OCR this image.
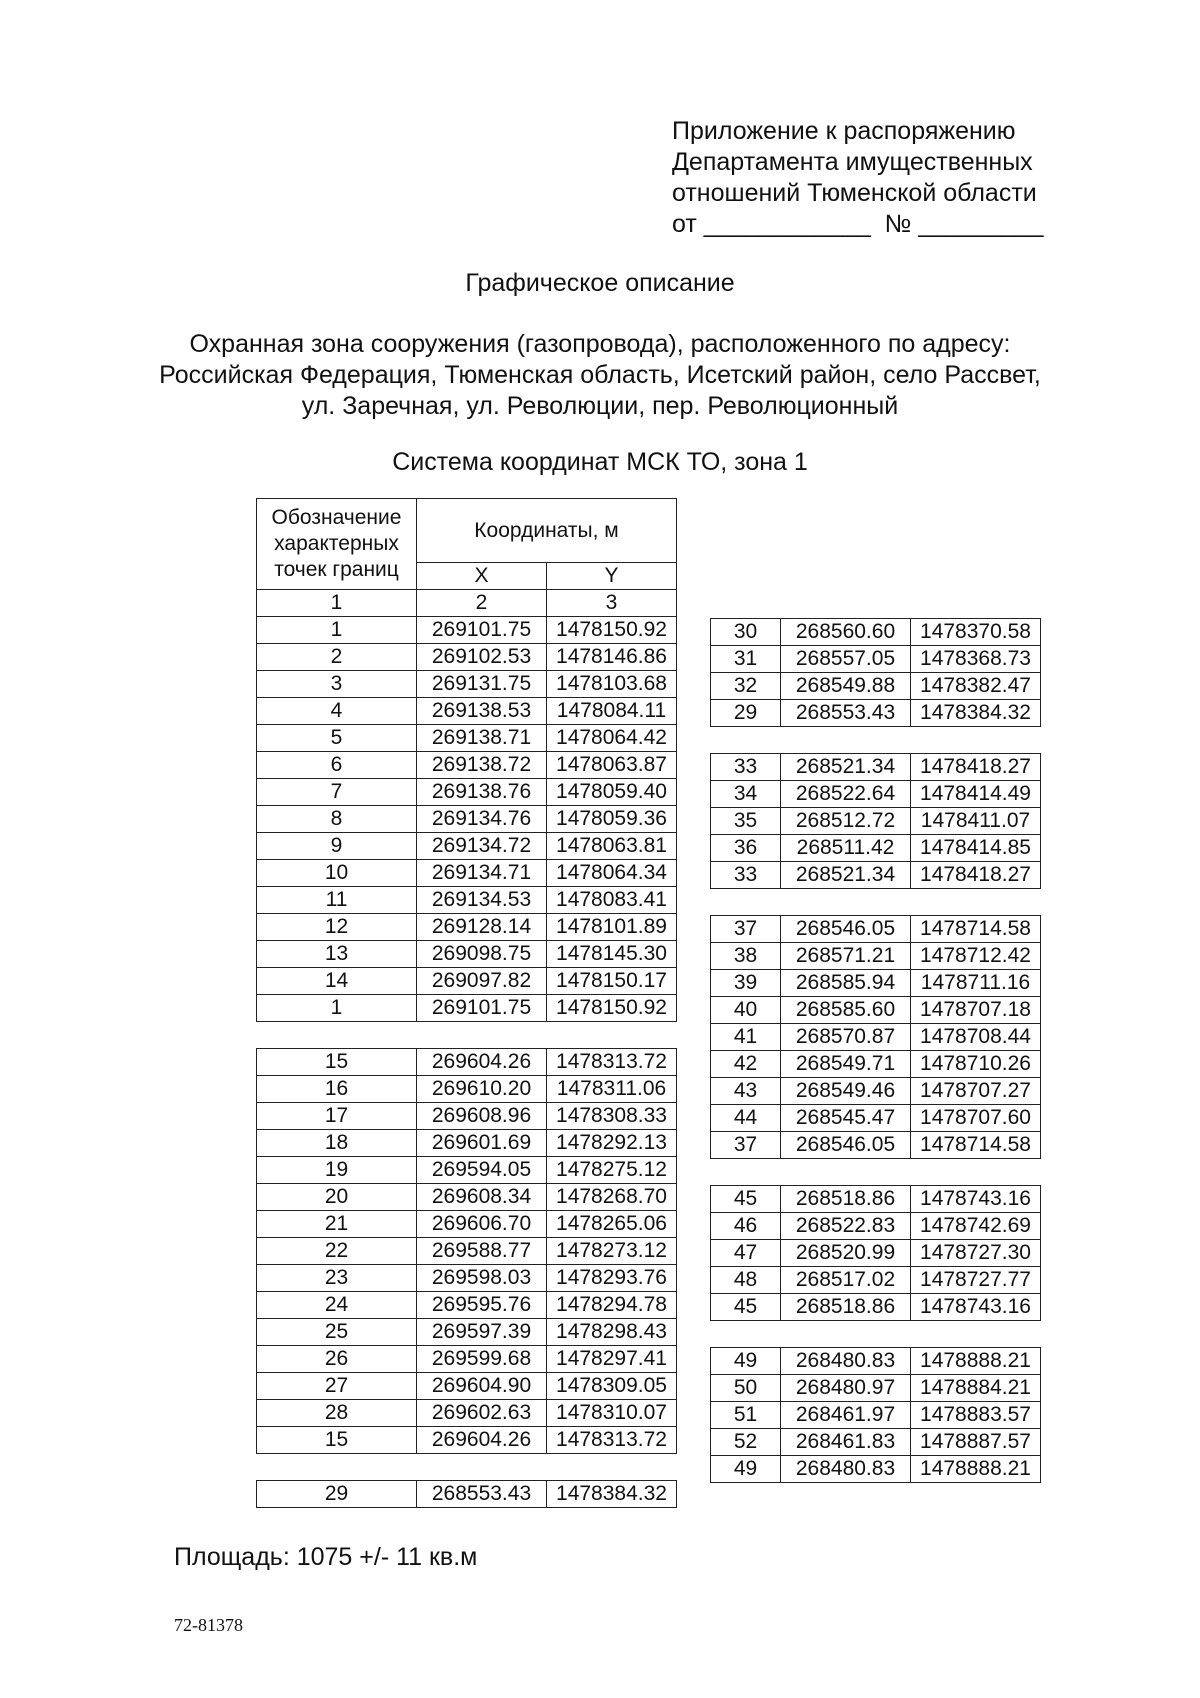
Приложение к распоряжению
Департамента имущественных
отношений Тюменской области
от ____________  № _________
Графическое описание
Охранная зона сооружения (газопровода), расположенного по адресу:
Российская Федерация, Тюменская область, Исетский район, село Рассвет,
ул. Заречная, ул. Революции, пер. Революционный
Система координат МСК ТО, зона 1
Обозначение характерных точек границ	Координаты, м	
	X	Y
1	2	3
1	269101.75	1478150.92
2	269102.53	1478146.86
3	269131.75	1478103.68
4	269138.53	1478084.11
5	269138.71	1478064.42
6	269138.72	1478063.87
7	269138.76	1478059.40
8	269134.76	1478059.36
9	269134.72	1478063.81
10	269134.71	1478064.34
11	269134.53	1478083.41
12	269128.14	1478101.89
13	269098.75	1478145.30
14	269097.82	1478150.17
1	269101.75	1478150.92

15	269604.26	1478313.72
16	269610.20	1478311.06
17	269608.96	1478308.33
18	269601.69	1478292.13
19	269594.05	1478275.12
20	269608.34	1478268.70
21	269606.70	1478265.06
22	269588.77	1478273.12
23	269598.03	1478293.76
24	269595.76	1478294.78
25	269597.39	1478298.43
26	269599.68	1478297.41
27	269604.90	1478309.05
28	269602.63	1478310.07
15	269604.26	1478313.72

29	268553.43	1478384.32
30	268560.60	1478370.58
31	268557.05	1478368.73
32	268549.88	1478382.47
29	268553.43	1478384.32

33	268521.34	1478418.27
34	268522.64	1478414.49
35	268512.72	1478411.07
36	268511.42	1478414.85
33	268521.34	1478418.27

37	268546.05	1478714.58
38	268571.21	1478712.42
39	268585.94	1478711.16
40	268585.60	1478707.18
41	268570.87	1478708.44
42	268549.71	1478710.26
43	268549.46	1478707.27
44	268545.47	1478707.60
37	268546.05	1478714.58

45	268518.86	1478743.16
46	268522.83	1478742.69
47	268520.99	1478727.30
48	268517.02	1478727.77
45	268518.86	1478743.16

49	268480.83	1478888.21
50	268480.97	1478884.21
51	268461.97	1478883.57
52	268461.83	1478887.57
49	268480.83	1478888.21
Площадь: 1075 +/- 11 кв.м
72-81378
